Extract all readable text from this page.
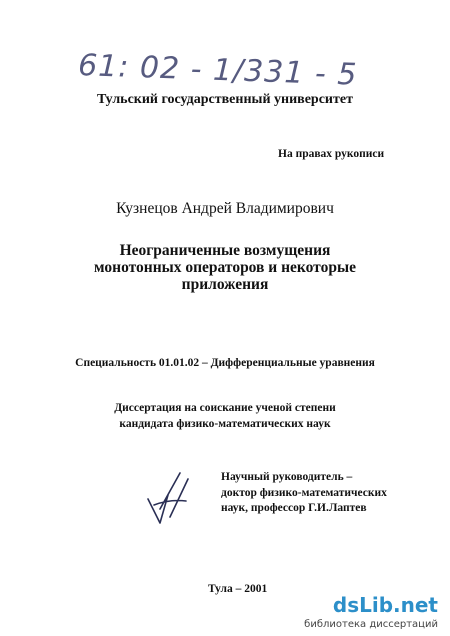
61: 02 - 1/331 - 5
Тульский государственный университет
На правах рукописи
Кузнецов Андрей Владимирович
Неограниченные возмущения
монотонных операторов и некоторые
приложения
Специальность 01.01.02 – Дифференциальные уравнения
Диссертация на соискание ученой степени
кандидата физико-математических наук
Научный руководитель –
доктор физико-математических
наук, профессор Г.И.Лаптев
Тула – 2001
dsLib.net
библиотека диссертаций
